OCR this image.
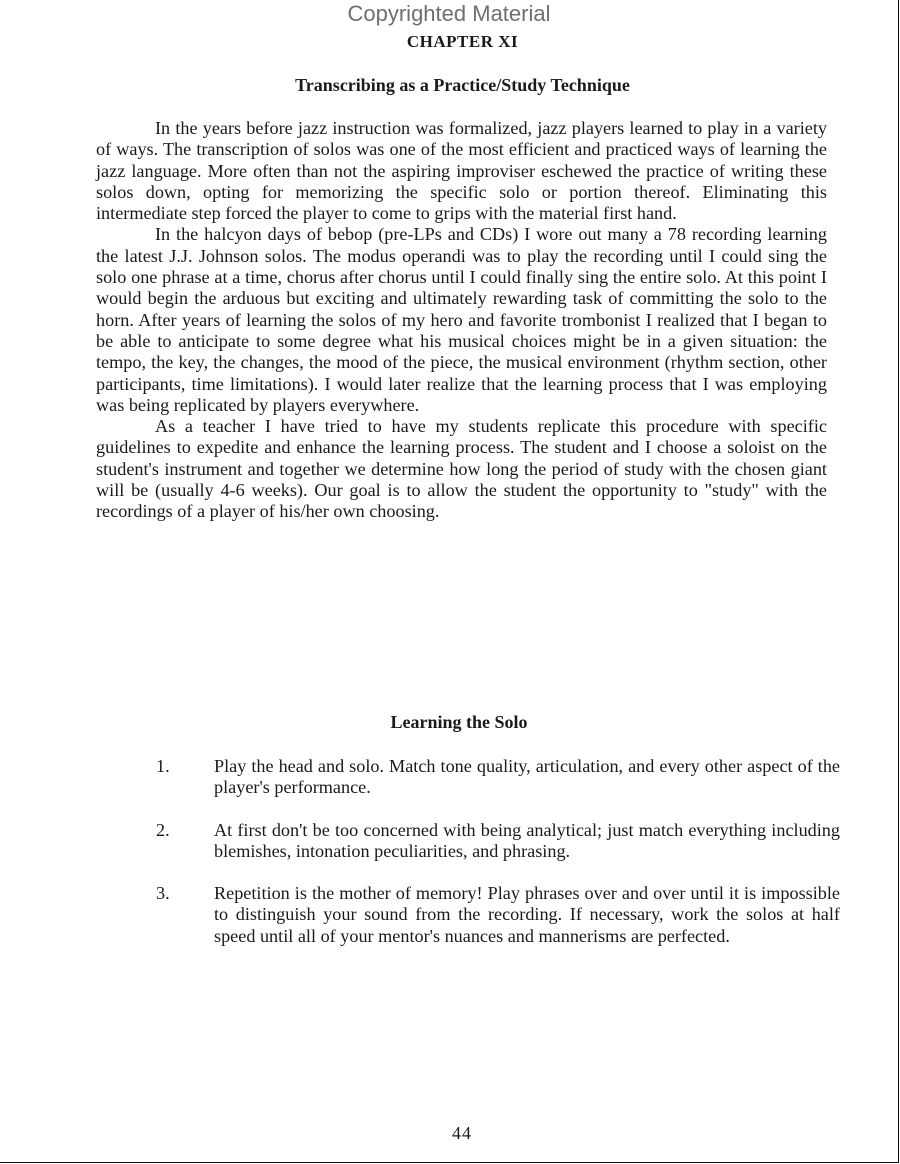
Copyrighted Material
CHAPTER XI
Transcribing as a Practice/Study Technique

In the years before jazz instruction was formalized, jazz players learned to play in a variety of ways. The transcription of solos was one of the most efficient and practiced ways of learning the jazz language. More often than not the aspiring improviser eschewed the practice of writing these solos down, opting for memorizing the specific solo or portion thereof. Eliminating this intermediate step forced the player to come to grips with the material first hand.

In the halcyon days of bebop (pre-LPs and CDs) I wore out many a 78 recording learning the latest J.J. Johnson solos. The modus operandi was to play the recording until I could sing the solo one phrase at a time, chorus after chorus until I could finally sing the entire solo. At this point I would begin the arduous but exciting and ultimately rewarding task of committing the solo to the horn. After years of learning the solos of my hero and favorite trombonist I realized that I began to be able to anticipate to some degree what his musical choices might be in a given situation: the tempo, the key, the changes, the mood of the piece, the musical environment (rhythm section, other participants, time limitations). I would later realize that the learning process that I was employing was being replicated by players everywhere.

As a teacher I have tried to have my students replicate this procedure with specific guidelines to expedite and enhance the learning process. The student and I choose a soloist on the student's instrument and together we determine how long the period of study with the chosen giant will be (usually 4-6 weeks). Our goal is to allow the student the opportunity to "study" with the recordings of a player of his/her own choosing.

Learning the Solo
1.	Play the head and solo. Match tone quality, articulation, and every other aspect of the player's performance.
2.	At first don't be too concerned with being analytical; just match everything including blemishes, intonation peculiarities, and phrasing.
3.	Repetition is the mother of memory! Play phrases over and over until it is impossible to distinguish your sound from the recording. If necessary, work the solos at half speed until all of your mentor's nuances and mannerisms are perfected.
44
